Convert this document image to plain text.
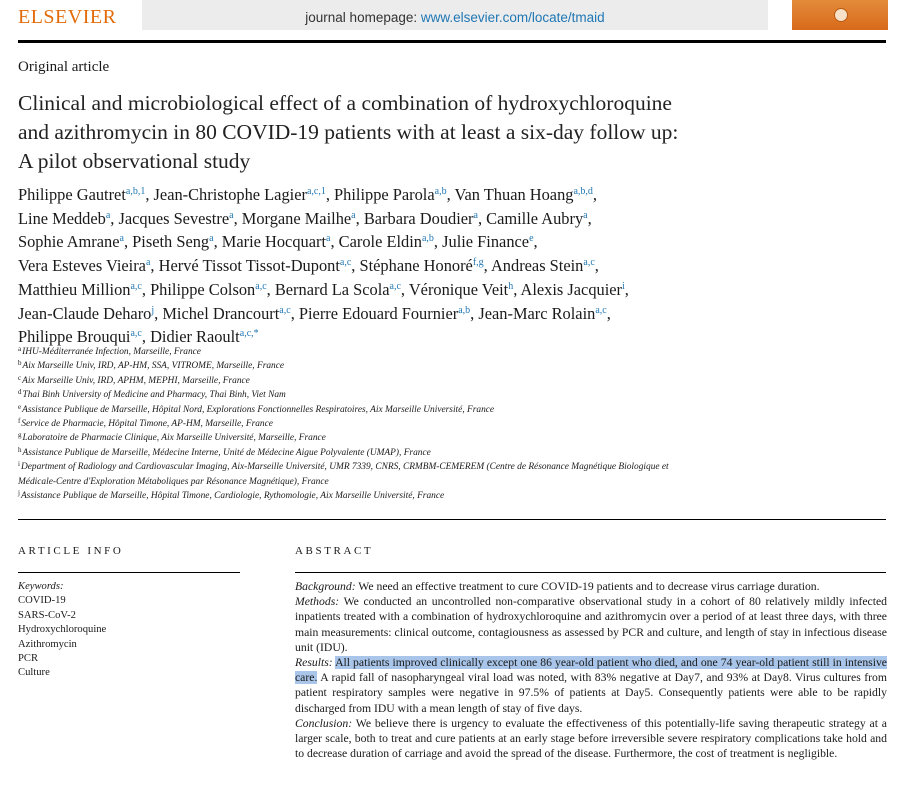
ELSEVIER	journal homepage: www.elsevier.com/locate/tmaid
Original article
Clinical and microbiological effect of a combination of hydroxychloroquine
and azithromycin in 80 COVID-19 patients with at least a six-day follow up:
A pilot observational study

Philippe Gautret$^{a,b,1}$, Jean-Christophe Lagier$^{a,c,1}$, Philippe Parola$^{a,b}$, Van Thuan Hoang$^{a,b,d}$,
Line Meddeb$^a$, Jacques Sevestre$^a$, Morgane Mailhe$^a$, Barbara Doudier$^a$, Camille Aubry$^a$,
Sophie Amrane$^a$, Piseth Seng$^a$, Marie Hocquart$^a$, Carole Eldin$^{a,b}$, Julie Finance$^e$,
Vera Esteves Vieira$^a$, Hervé Tissot Tissot-Dupont$^{a,c}$, Stéphane Honoré$^{f,g}$, Andreas Stein$^{a,c}$,
Matthieu Million$^{a,c}$, Philippe Colson$^{a,c}$, Bernard La Scola$^{a,c}$, Véronique Veit$^h$, Alexis Jacquier$^i$,
Jean-Claude Deharo$^j$, Michel Drancourt$^{a,c}$, Pierre Edouard Fournier$^{a,b}$, Jean-Marc Rolain$^{a,c}$,
Philippe Brouqui$^{a,c}$, Didier Raoult$^{a,c,*}$

$^a$IHU-Méditerranée Infection, Marseille, France
$^b$Aix Marseille Univ, IRD, AP-HM, SSA, VITROME, Marseille, France
$^c$Aix Marseille Univ, IRD, APHM, MEPHI, Marseille, France
$^d$Thai Binh University of Medicine and Pharmacy, Thai Binh, Viet Nam
$^e$Assistance Publique de Marseille, Hôpital Nord, Explorations Fonctionnelles Respiratoires, Aix Marseille Université, France
$^f$Service de Pharmacie, Hôpital Timone, AP-HM, Marseille, France
$^g$Laboratoire de Pharmacie Clinique, Aix Marseille Université, Marseille, France
$^h$Assistance Publique de Marseille, Médecine Interne, Unité de Médecine Aigue Polyvalente (UMAP), France
$^i$Department of Radiology and Cardiovascular Imaging, Aix-Marseille Université, UMR 7339, CNRS, CRMBM-CEMEREM (Centre de Résonance Magnétique Biologique et
Médicale-Centre d'Exploration Métaboliques par Résonance Magnétique), France
$^j$Assistance Publique de Marseille, Hôpital Timone, Cardiologie, Rythomologie, Aix Marseille Université, France
ARTICLE INFO	ABSTRACT
Keywords:
COVID-19
SARS-CoV-2
Hydroxychloroquine
Azithromycin
PCR
Culture

Background: We need an effective treatment to cure COVID-19 patients and to decrease virus carriage duration.
Methods: We conducted an uncontrolled non-comparative observational study in a cohort of 80 relatively mildly infected inpatients treated with a combination of hydroxychloroquine and azithromycin over a period of at least three days, with three main measurements: clinical outcome, contagiousness as assessed by PCR and culture, and length of stay in infectious disease unit (IDU).
Results: All patients improved clinically except one 86 year-old patient who died, and one 74 year-old patient still in intensive care. A rapid fall of nasopharyngeal viral load was noted, with 83% negative at Day7, and 93% at Day8. Virus cultures from patient respiratory samples were negative in 97.5% of patients at Day5. Consequently patients were able to be rapidly discharged from IDU with a mean length of stay of five days.
Conclusion: We believe there is urgency to evaluate the effectiveness of this potentially-life saving therapeutic strategy at a larger scale, both to treat and cure patients at an early stage before irreversible severe respiratory complications take hold and to decrease duration of carriage and avoid the spread of the disease. Furthermore, the cost of treatment is negligible.
